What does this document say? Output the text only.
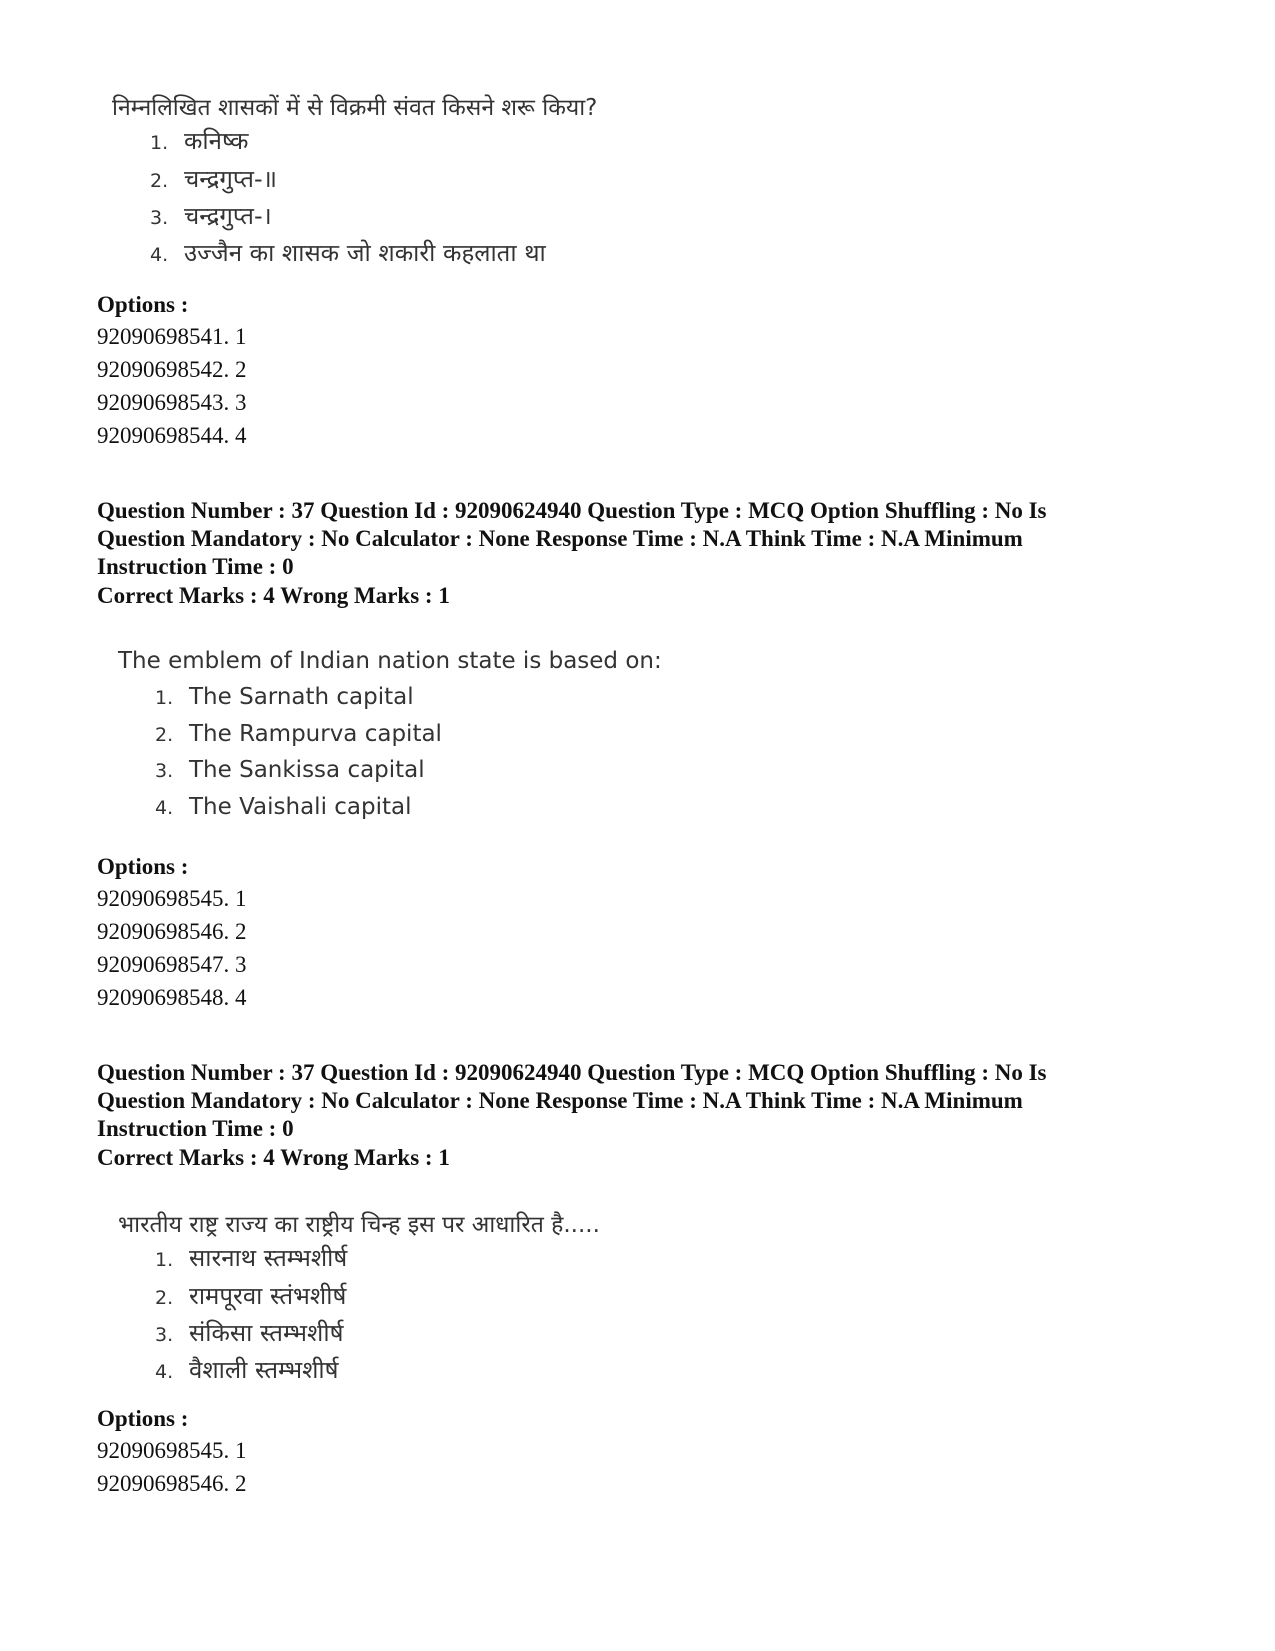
निम्नलिखित शासकों में से विक्रमी संवत किसने शरू किया?
1. कनिष्क
2. चन्द्रगुप्त-॥
3. चन्द्रगुप्त-।
4. उज्जैन का शासक जो शकारी कहलाता था
Options :
92090698541. 1
92090698542. 2
92090698543. 3
92090698544. 4
Question Number : 37 Question Id : 92090624940 Question Type : MCQ Option Shuffling : No Is Question Mandatory : No Calculator : None Response Time : N.A Think Time : N.A Minimum Instruction Time : 0
Correct Marks : 4 Wrong Marks : 1
The emblem of Indian nation state is based on:
1. The Sarnath capital
2. The Rampurva capital
3. The Sankissa capital
4. The Vaishali capital
Options :
92090698545. 1
92090698546. 2
92090698547. 3
92090698548. 4
Question Number : 37 Question Id : 92090624940 Question Type : MCQ Option Shuffling : No Is Question Mandatory : No Calculator : None Response Time : N.A Think Time : N.A Minimum Instruction Time : 0
Correct Marks : 4 Wrong Marks : 1
भारतीय राष्ट्र राज्य का राष्ट्रीय चिन्ह इस पर आधारित है.....
1. सारनाथ स्तम्भशीर्ष
2. रामपूरवा स्तंभशीर्ष
3. संकिसा स्तम्भशीर्ष
4. वैशाली स्तम्भशीर्ष
Options :
92090698545. 1
92090698546. 2
